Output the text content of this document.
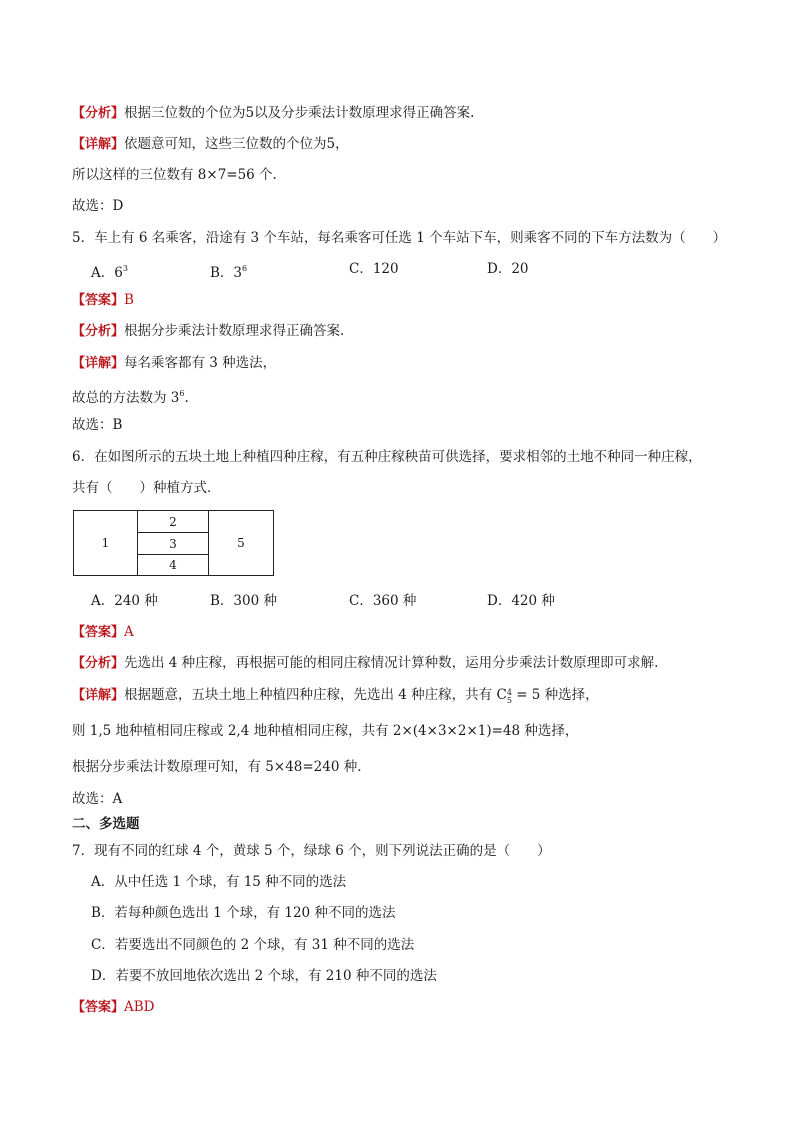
【分析】根据三位数的个位为5以及分步乘法计数原理求得正确答案.
【详解】依题意可知，这些三位数的个位为5，
所以这样的三位数有 8×7=56 个.
故选：D
5．车上有 6 名乘客，沿途有 3 个车站，每名乘客可任选 1 个车站下车，则乘客不同的下车方法数为（　　）
A．$6^3$	B．$3^6$	C．120	D．20
【答案】B
【分析】根据分步乘法计数原理求得正确答案.
【详解】每名乘客都有 3 种选法，
故总的方法数为 $3^6$.
故选：B
6．在如图所示的五块土地上种植四种庄稼，有五种庄稼秧苗可供选择，要求相邻的土地不种同一种庄稼，
共有（　　）种植方式．
1
2
3
4
5
A．240 种	B．300 种	C．360 种	D．420 种
【答案】A
【分析】先选出 4 种庄稼，再根据可能的相同庄稼情况计算种数，运用分步乘法计数原理即可求解.
【详解】根据题意，五块土地上种植四种庄稼，先选出 4 种庄稼，共有 C 4
5 = 5 种选择，
则 1,5 地种植相同庄稼或 2,4 地种植相同庄稼，共有 2×(4×3×2×1)=48 种选择，
根据分步乘法计数原理可知，有 5×48=240 种.
故选：A
二、多选题
7．现有不同的红球 4 个，黄球 5 个，绿球 6 个，则下列说法正确的是（　　）
A．从中任选 1 个球，有 15 种不同的选法
B．若每种颜色选出 1 个球，有 120 种不同的选法
C．若要选出不同颜色的 2 个球，有 31 种不同的选法
D．若要不放回地依次选出 2 个球，有 210 种不同的选法
【答案】ABD
